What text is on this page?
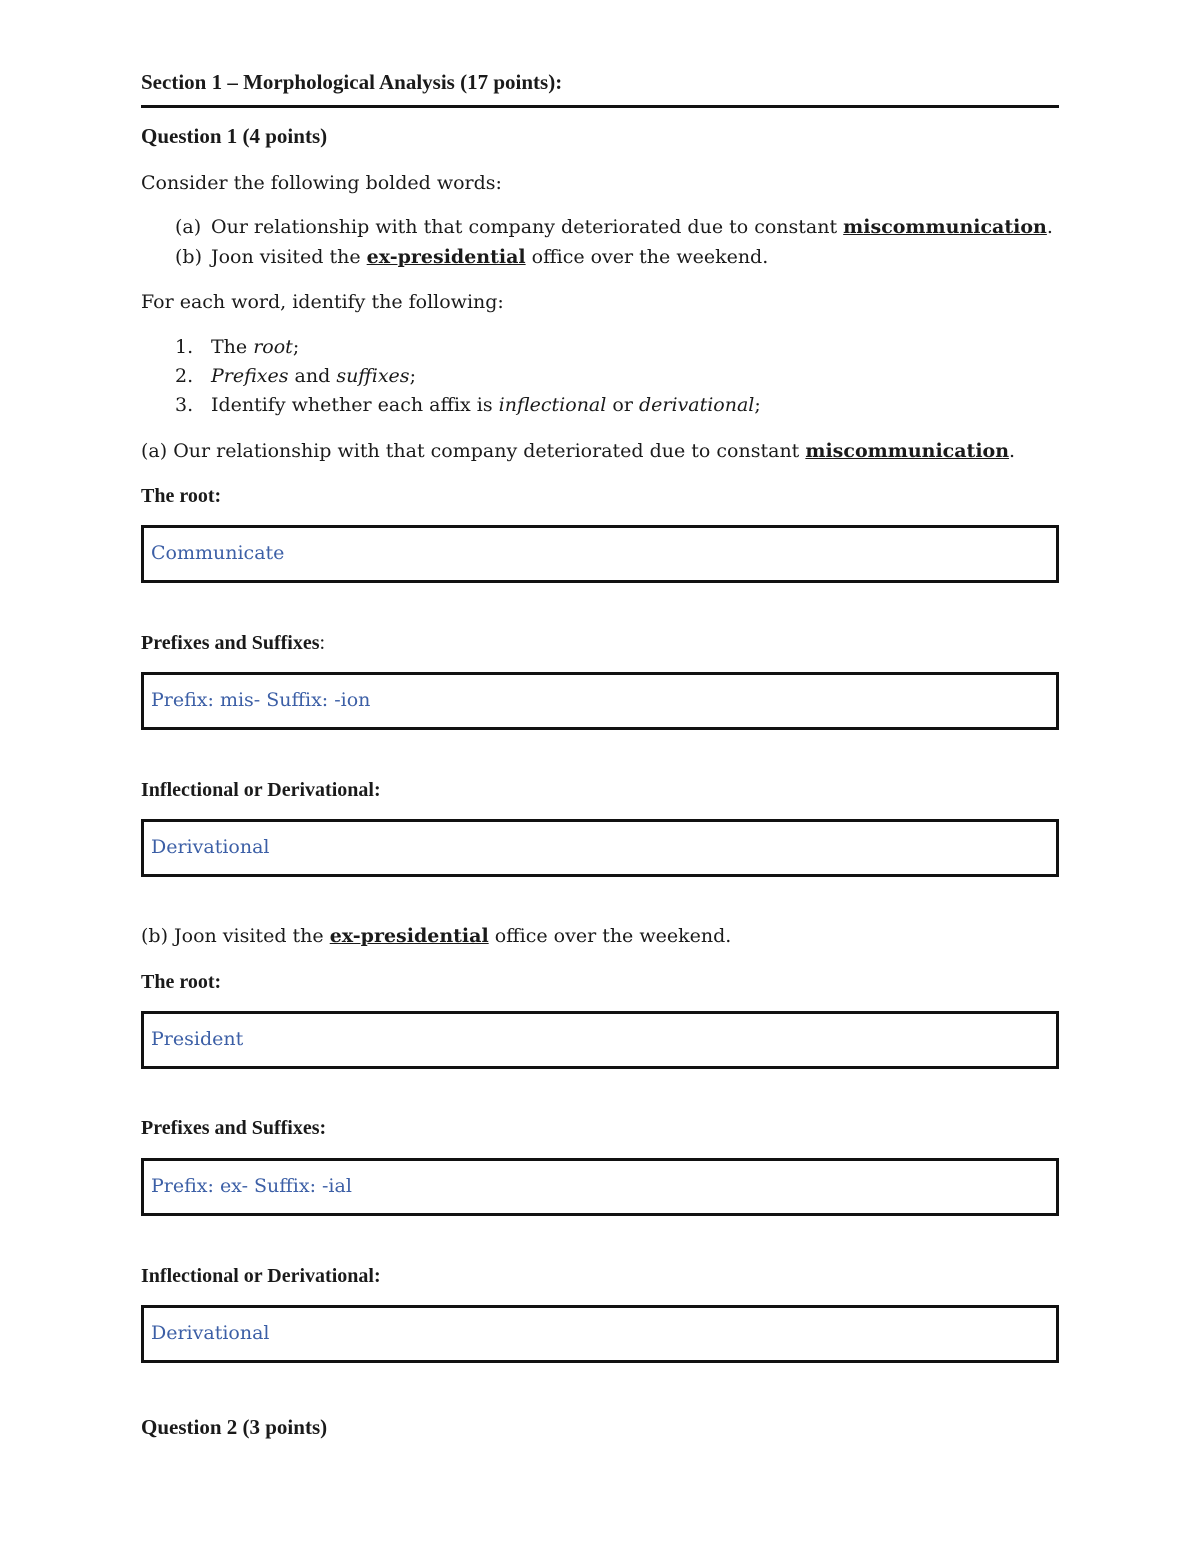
Section 1 – Morphological Analysis (17 points):
Question 1 (4 points)
Consider the following bolded words:
(a) Our relationship with that company deteriorated due to constant miscommunication.
(b) Joon visited the ex-presidential office over the weekend.
For each word, identify the following:
1. The root;
2. Prefixes and suffixes;
3. Identify whether each affix is inflectional or derivational;
(a) Our relationship with that company deteriorated due to constant miscommunication.
The root:
Communicate
Prefixes and Suffixes:
Prefix: mis- Suffix: -ion
Inflectional or Derivational:
Derivational
(b) Joon visited the ex-presidential office over the weekend.
The root:
President
Prefixes and Suffixes:
Prefix: ex- Suffix: -ial
Inflectional or Derivational:
Derivational
Question 2 (3 points)
